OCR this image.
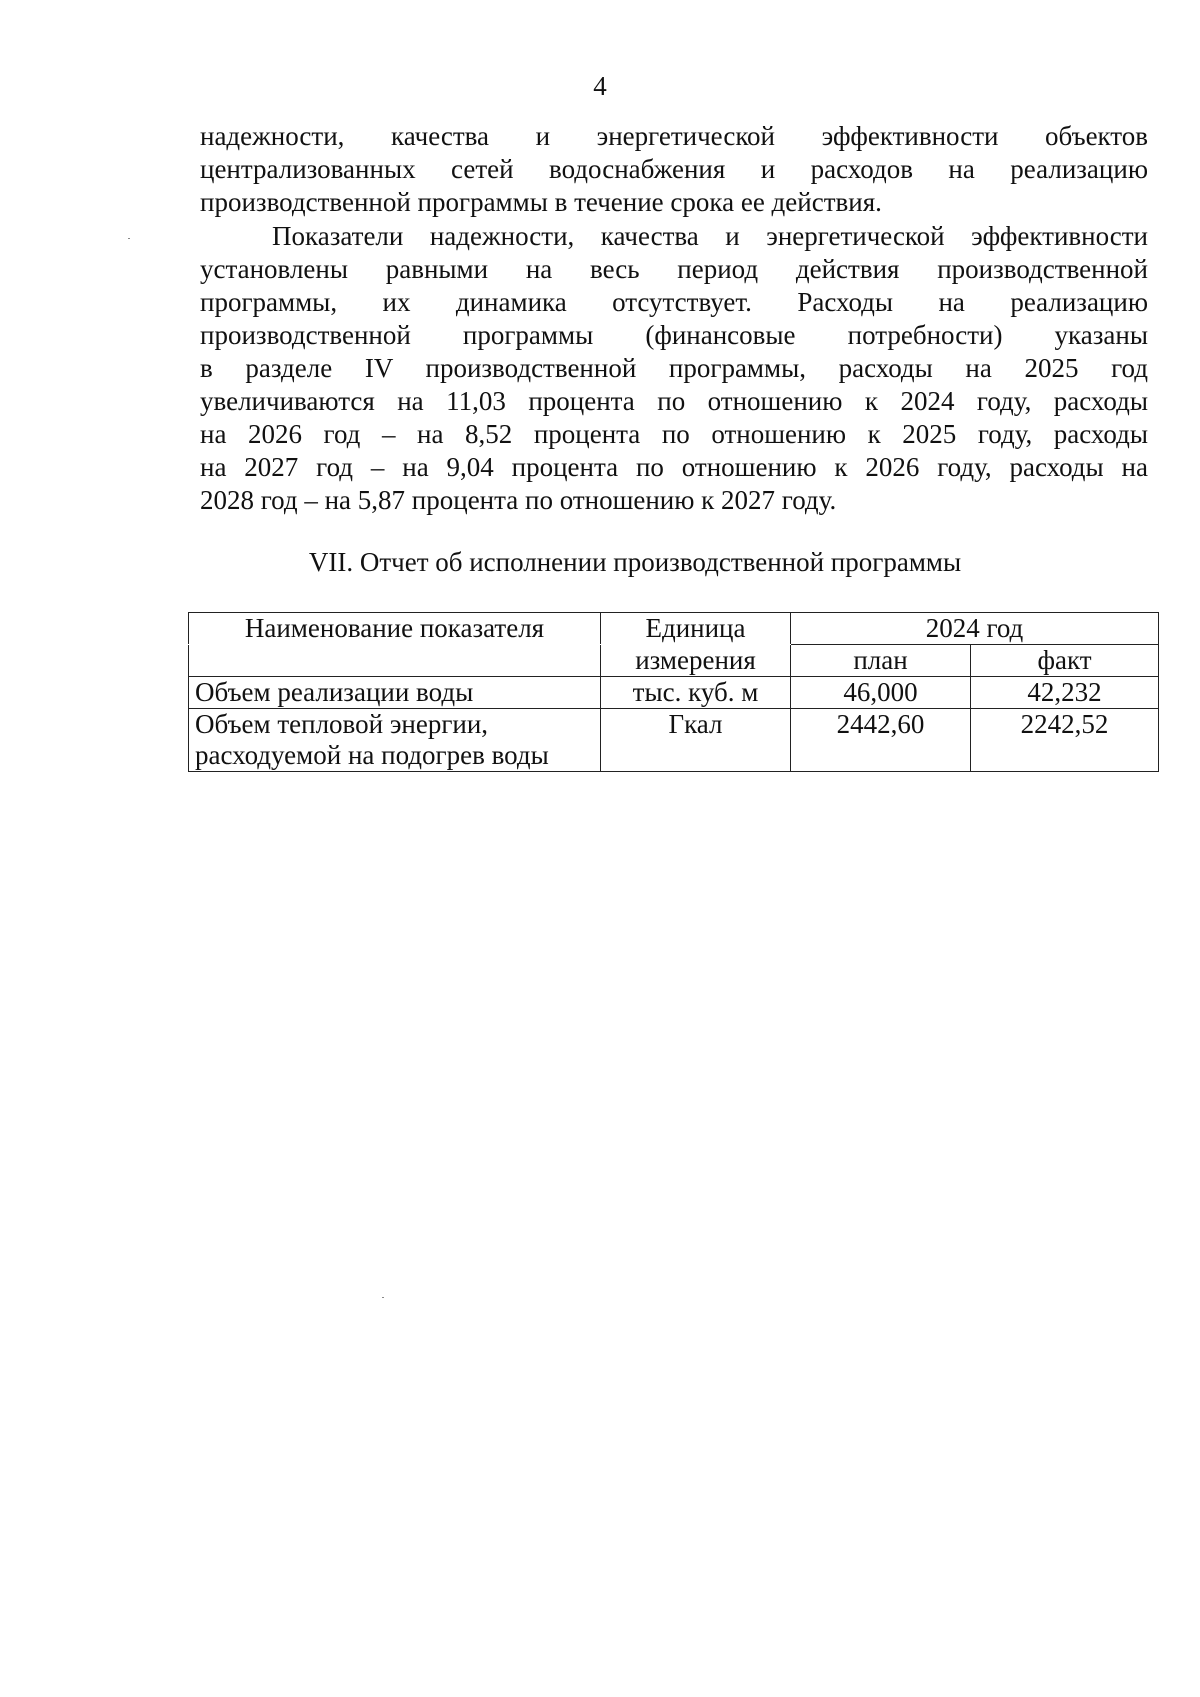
4
надежности, качества и энергетической эффективности объектов
централизованных сетей водоснабжения и расходов на реализацию
производственной программы в течение срока ее действия.
Показатели надежности, качества и энергетической эффективности
установлены равными на весь период действия производственной
программы, их динамика отсутствует. Расходы на реализацию
производственной программы (финансовые потребности) указаны
в разделе IV производственной программы, расходы на 2025 год
увеличиваются на 11,03 процента по отношению к 2024 году, расходы
на 2026 год – на 8,52 процента по отношению к 2025 году, расходы
на 2027 год – на 9,04 процента по отношению к 2026 году, расходы на
2028 год – на 5,87 процента по отношению к 2027 году.
VII. Отчет об исполнении производственной программы
Наименование показателя	Единица	2024 год	
	измерения	план	факт
Объем реализации воды	тыс. куб. м	46,000	42,232
Объем тепловой энергии,
расходуемой на подогрев воды	Гкал	2442,60	2242,52
